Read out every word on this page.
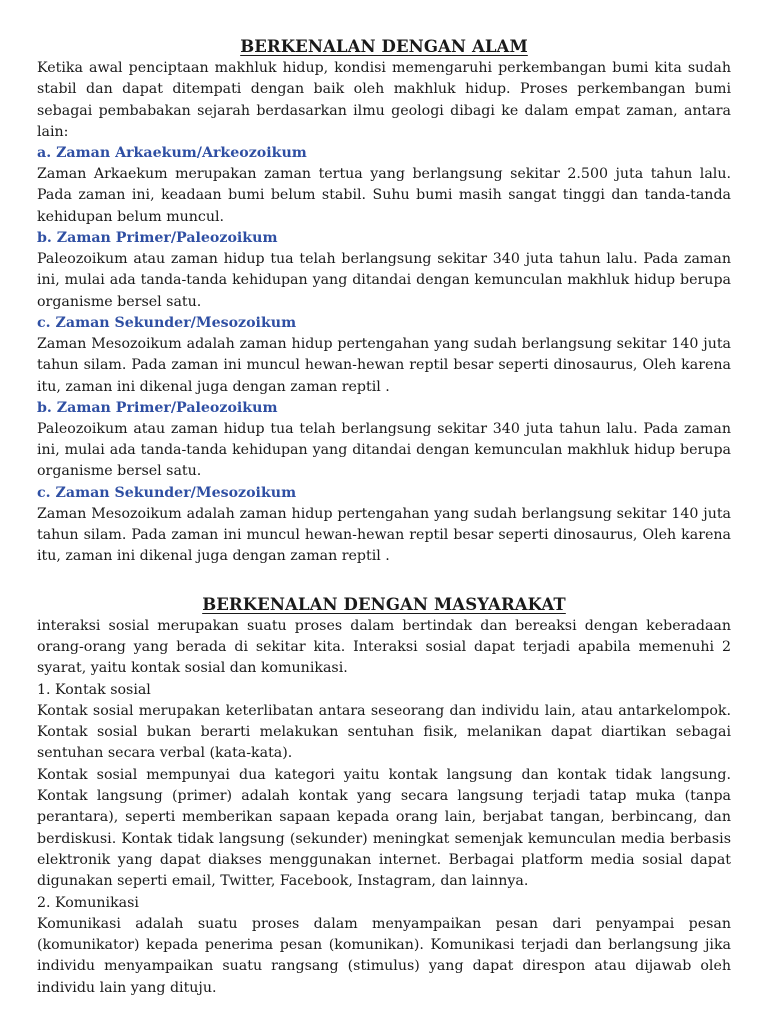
BERKENALAN DENGAN ALAM

Ketika awal penciptaan makhluk hidup, kondisi memengaruhi perkembangan bumi kita sudah stabil dan dapat ditempati dengan baik oleh makhluk hidup. Proses perkembangan bumi sebagai pembabakan sejarah berdasarkan ilmu geologi dibagi ke dalam empat zaman, antara lain:

a. Zaman Arkaekum/Arkeozoikum

Zaman Arkaekum merupakan zaman tertua yang berlangsung sekitar 2.500 juta tahun lalu. Pada zaman ini, keadaan bumi belum stabil. Suhu bumi masih sangat tinggi dan tanda-tanda kehidupan belum muncul.

b. Zaman Primer/Paleozoikum

Paleozoikum atau zaman hidup tua telah berlangsung sekitar 340 juta tahun lalu. Pada zaman ini, mulai ada tanda-tanda kehidupan yang ditandai dengan kemunculan makhluk hidup berupa organisme bersel satu.

c. Zaman Sekunder/Mesozoikum

Zaman Mesozoikum adalah zaman hidup pertengahan yang sudah berlangsung sekitar 140 juta tahun silam. Pada zaman ini muncul hewan-hewan reptil besar seperti dinosaurus, Oleh karena itu, zaman ini dikenal juga dengan zaman reptil .

b. Zaman Primer/Paleozoikum

Paleozoikum atau zaman hidup tua telah berlangsung sekitar 340 juta tahun lalu. Pada zaman ini, mulai ada tanda-tanda kehidupan yang ditandai dengan kemunculan makhluk hidup berupa organisme bersel satu.

c. Zaman Sekunder/Mesozoikum

Zaman Mesozoikum adalah zaman hidup pertengahan yang sudah berlangsung sekitar 140 juta tahun silam. Pada zaman ini muncul hewan-hewan reptil besar seperti dinosaurus, Oleh karena itu, zaman ini dikenal juga dengan zaman reptil .

BERKENALAN DENGAN MASYARAKAT

interaksi sosial merupakan suatu proses dalam bertindak dan bereaksi dengan keberadaan orang-orang yang berada di sekitar kita. Interaksi sosial dapat terjadi apabila memenuhi 2 syarat, yaitu kontak sosial dan komunikasi.

1. Kontak sosial

Kontak sosial merupakan keterlibatan antara seseorang dan individu lain, atau antarkelompok. Kontak sosial bukan berarti melakukan sentuhan fisik, melanikan dapat diartikan sebagai sentuhan secara verbal (kata-kata).

Kontak sosial mempunyai dua kategori yaitu kontak langsung dan kontak tidak langsung. Kontak langsung (primer) adalah kontak yang secara langsung terjadi tatap muka (tanpa perantara), seperti memberikan sapaan kepada orang lain, berjabat tangan, berbincang, dan berdiskusi. Kontak tidak langsung (sekunder) meningkat semenjak kemunculan media berbasis elektronik yang dapat diakses menggunakan internet. Berbagai platform media sosial dapat digunakan seperti email, Twitter, Facebook, Instagram, dan lainnya.

2. Komunikasi

Komunikasi adalah suatu proses dalam menyampaikan pesan dari penyampai pesan (komunikator) kepada penerima pesan (komunikan). Komunikasi terjadi dan berlangsung jika individu menyampaikan suatu rangsang (stimulus) yang dapat direspon atau dijawab oleh individu lain yang dituju.
